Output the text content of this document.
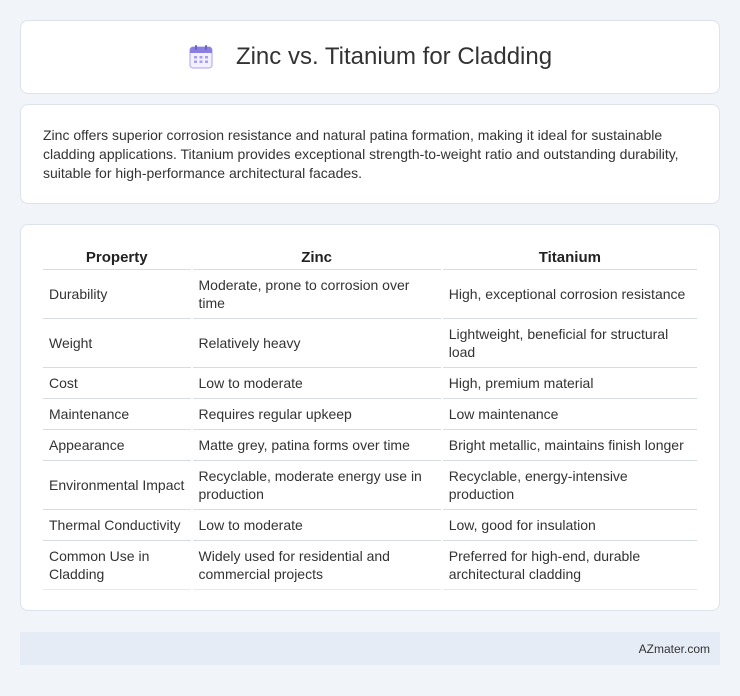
Zinc vs. Titanium for Cladding

Zinc offers superior corrosion resistance and natural patina formation, making it ideal for sustainable cladding applications. Titanium provides exceptional strength-to-weight ratio and outstanding durability, suitable for high-performance architectural facades.

Property	Zinc	Titanium
Durability	Moderate, prone to corrosion over time	High, exceptional corrosion resistance
Weight	Relatively heavy	Lightweight, beneficial for structural load
Cost	Low to moderate	High, premium material
Maintenance	Requires regular upkeep	Low maintenance
Appearance	Matte grey, patina forms over time	Bright metallic, maintains finish longer
Environmental Impact	Recyclable, moderate energy use in production	Recyclable, energy-intensive production
Thermal Conductivity	Low to moderate	Low, good for insulation
Common Use in Cladding	Widely used for residential and commercial projects	Preferred for high-end, durable architectural cladding
AZmater.com
